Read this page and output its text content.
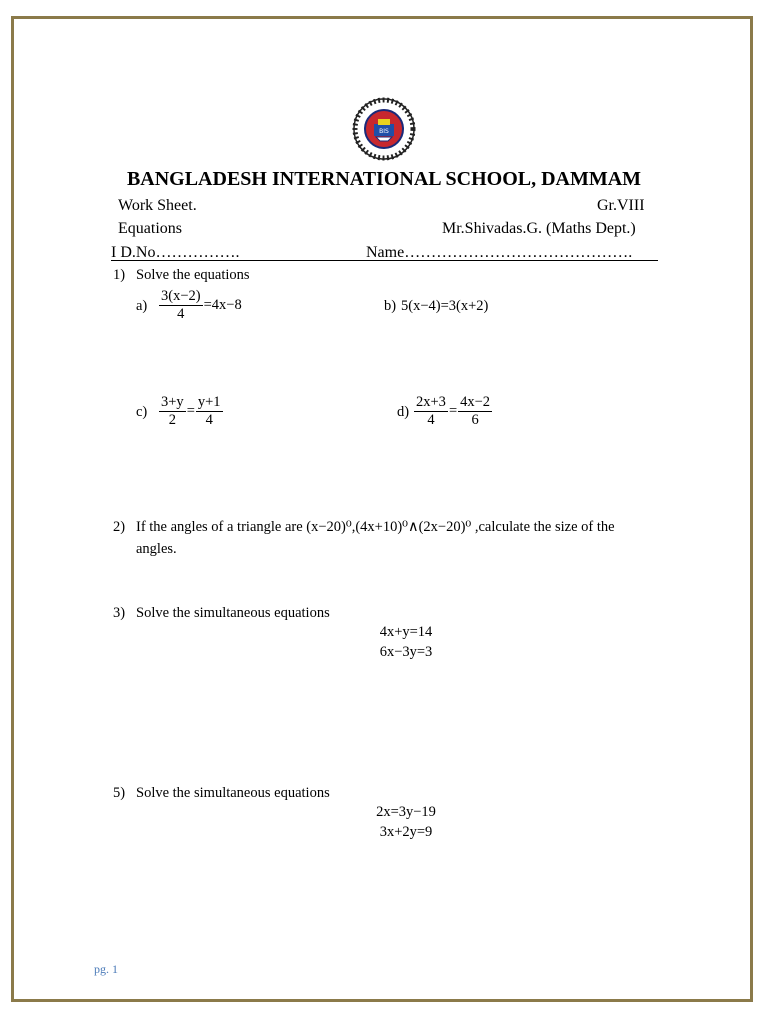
BIS
BANGLADESH INTERNATIONAL SCHOOL, DAMMAM
Work Sheet.	Gr.VIII
Equations	Mr.Shivadas.G. (Maths Dept.)
I D.No…………….	Name…………………………………….
1) Solve the equations
$a) \frac{3(x-2)}{4} =4x-8$	b) 5(x−4)=3(x+2)
$c) \frac{3+y}{2} = \frac{y+1}{4}$	$d) \frac{2x+3}{4} = \frac{4x-2}{6}$
2) If the angles of a triangle are (x−20)⁰,(4x+10)⁰∧(2x−20)⁰ ,calculate the size of the
angles.
3) Solve the simultaneous equations
4x+y=14
6x−3y=3
5) Solve the simultaneous equations
2x=3y−19
3x+2y=9
pg. 1
